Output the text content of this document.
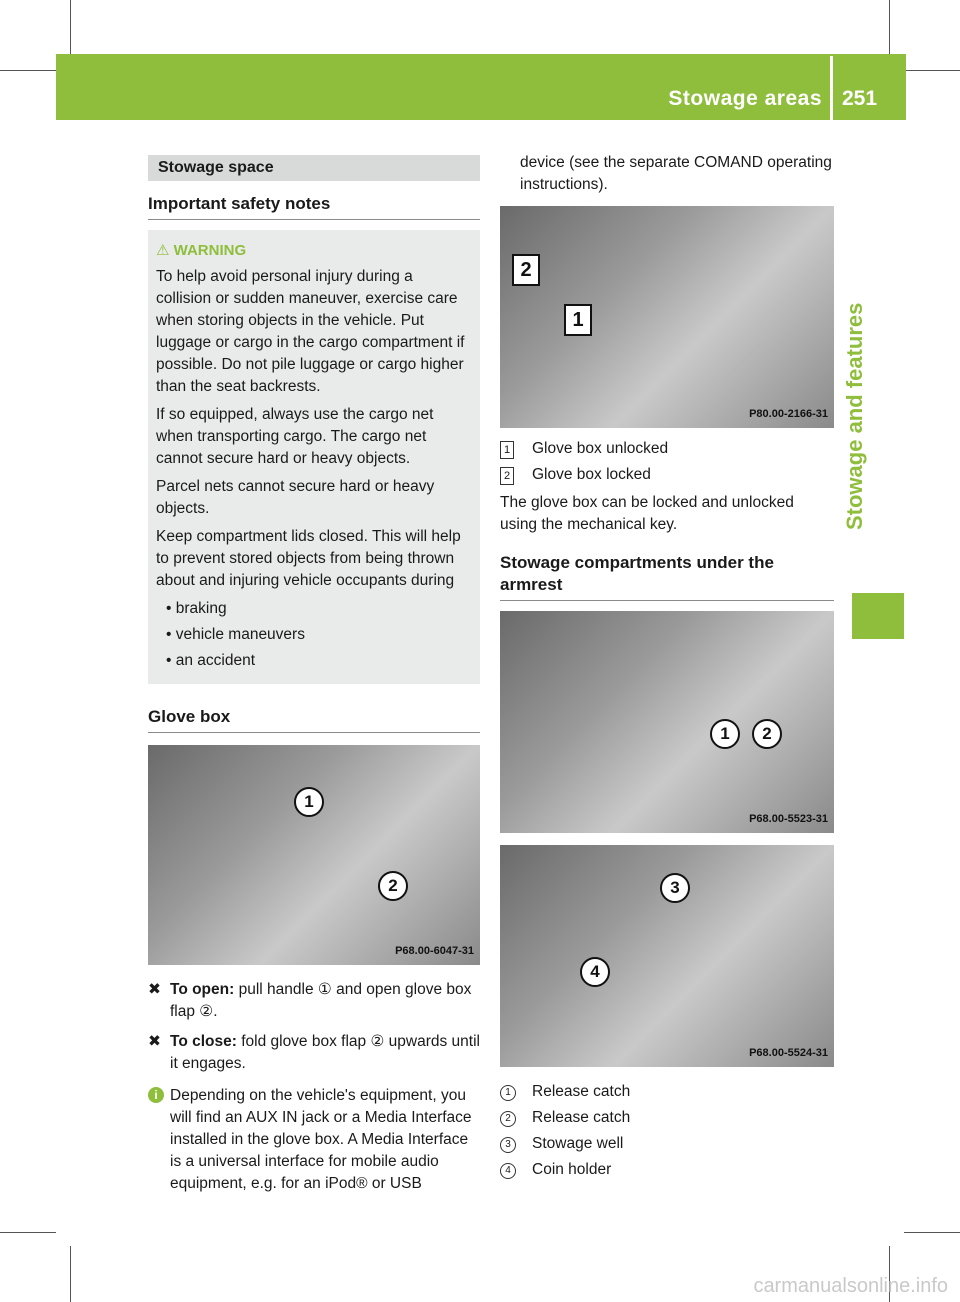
Stowage areas 251
Stowage and features
Stowage space
Important safety notes
⚠ WARNING

To help avoid personal injury during a collision or sudden maneuver, exercise care when storing objects in the vehicle. Put luggage or cargo in the cargo compartment if possible. Do not pile luggage or cargo higher than the seat backrests.

If so equipped, always use the cargo net when transporting cargo. The cargo net cannot secure hard or heavy objects.

Parcel nets cannot secure hard or heavy objects.

Keep compartment lids closed. This will help to prevent stored objects from being thrown about and injuring vehicle occupants during

• braking
• vehicle maneuvers
• an accident
Glove box
1
2
P68.00-6047-31
✖ To open: pull handle ① and open glove box flap ②.
✖ To close: fold glove box flap ② upwards until it engages.
i Depending on the vehicle's equipment, you will find an AUX IN jack or a Media Interface installed in the glove box. A Media Interface is a universal interface for mobile audio equipment, e.g. for an iPod® or USB
device (see the separate COMAND operating instructions).
2
1
P80.00-2166-31
1 Glove box unlocked
2 Glove box locked
The glove box can be locked and unlocked using the mechanical key.
Stowage compartments under the armrest
1	2
P68.00-5523-31
3
4
P68.00-5524-31
1	Release catch
2	Release catch
3	Stowage well
4	Coin holder
carmanualsonline.info
